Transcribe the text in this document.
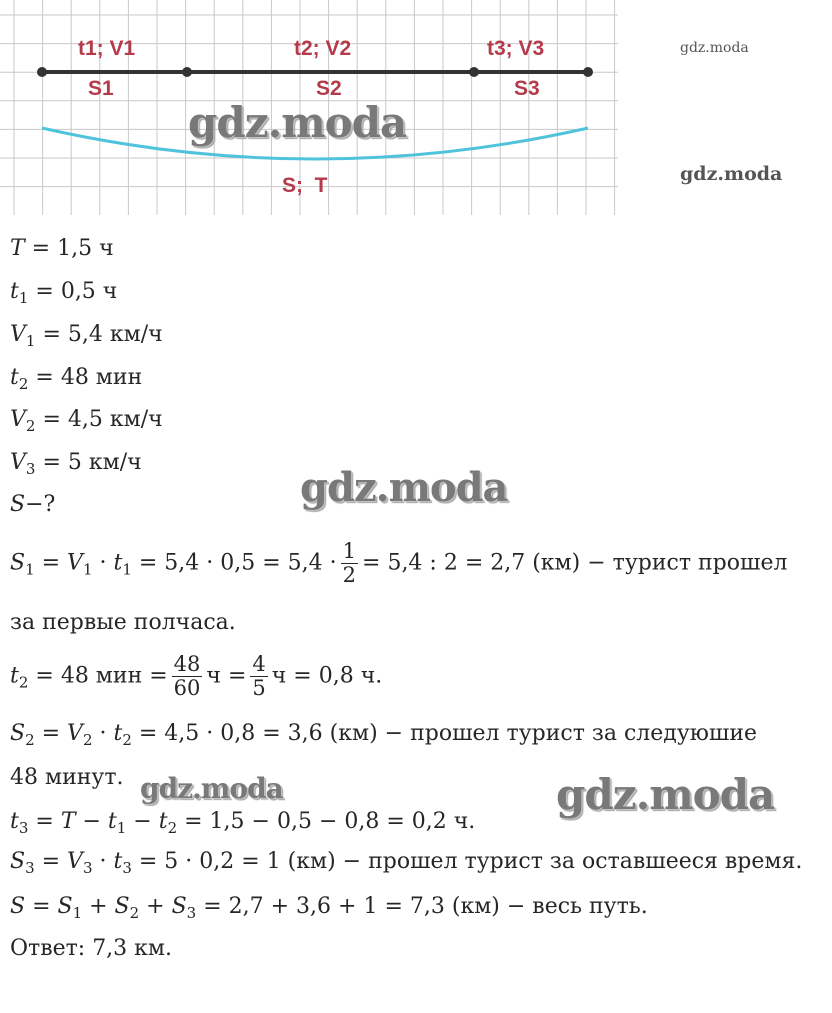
t1; V1	t2; V2	t3; V3
S1	S2	S3
S;  T
T = 1,5 ч
$t_1 = 0,5$ ч
$V_1 = 5,4$ км/ч
$t_2 = 48$ мин
$V_2 = 4,5$ км/ч
$V_3 = 5$ км/ч
S−?
$S_1 = V_1 \cdot t_1 = 5,4 \cdot 0,5 = 5,4 \cdot \frac{1}{2} = 5,4$ : 2 = 2,7 (км) − турист прошел
за первые полчаса.
$t_2 = 48$ мин = $\frac{48}{60}$ $ч = \frac{4}{5}$ ч = 0,8 ч.
$S_2 = V_2 \cdot t_2 = 4,5 \cdot 0,8 = 3,6$ (км) − прошел турист за следуюшие
48 минут.
$t_3 = T - t_1 - t_2 = 1,5 - 0,5 - 0,8 = 0,2$ ч.
$S_3 = V_3 \cdot t_3 = 5 \cdot 0,2 = 1$ (км) − прошел турист за оставшееся время.
$S = S_1 + S_2 + S_3 = 2,7 + 3,6 + 1 = 7,3$ (км) − весь путь.
Ответ: 7,3 км.
gdz.moda
gdz.moda
gdz.moda
gdz.moda
gdz.moda	gdz.moda
